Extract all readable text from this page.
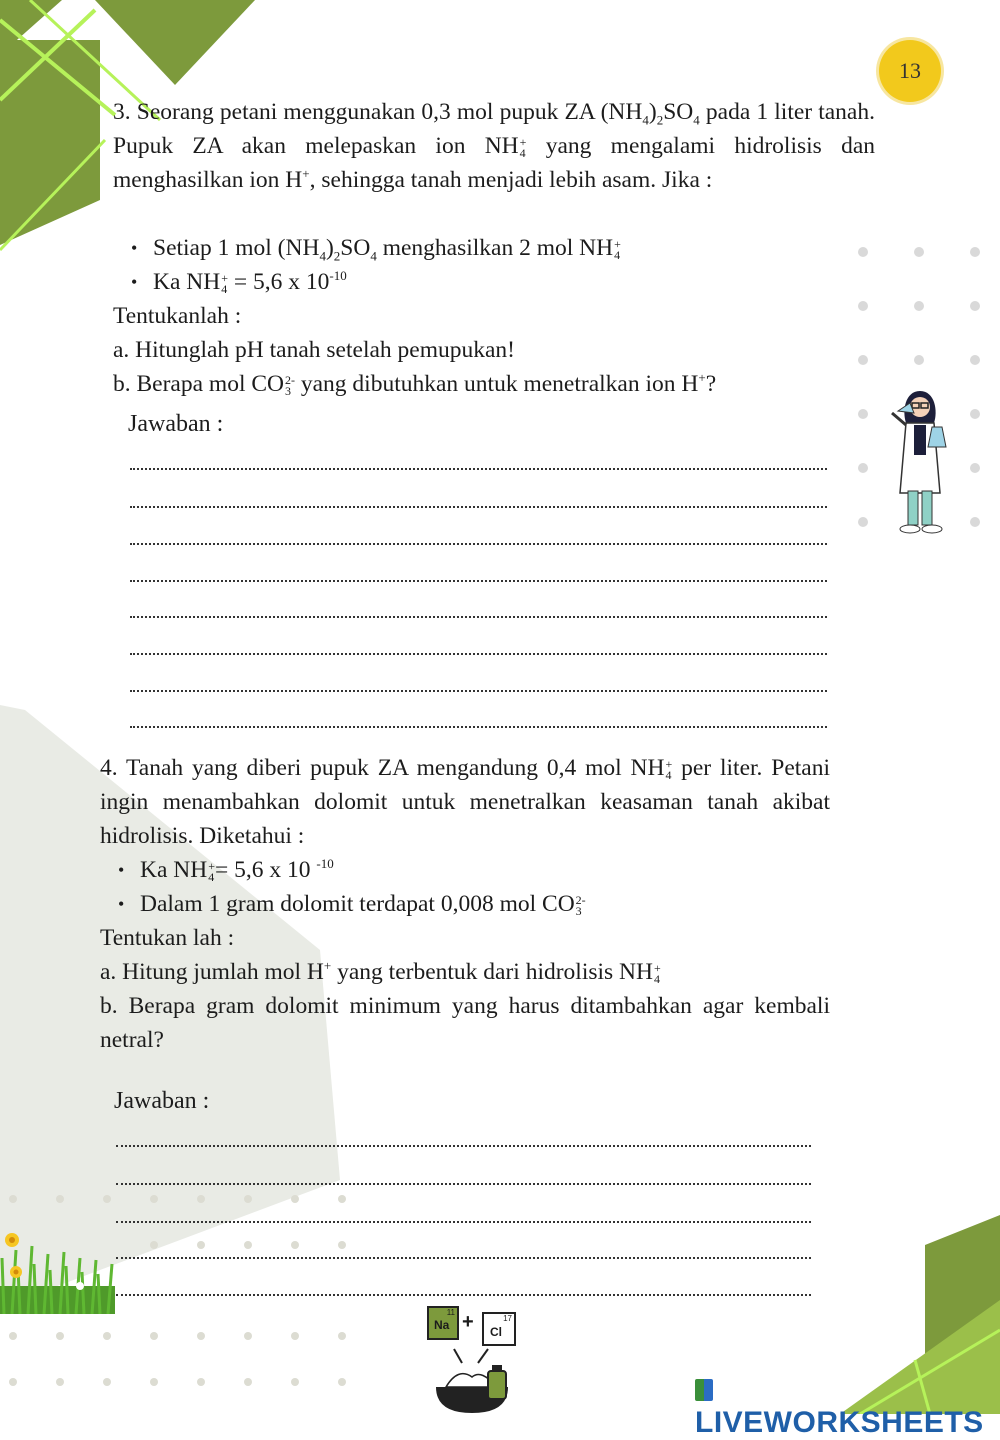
13
3. Seorang petani menggunakan 0,3 mol pupuk ZA $(NH_4)_2SO_4$ pada 1 liter tanah. Pupuk ZA akan melepaskan ion NH +
4 yang mengalami hidrolisis dan menghasilkan ion H+, sehingga tanah menjadi lebih asam. Jika :
• Setiap 1 mol $(NH_4)_2SO_4$ menghasilkan 2 mol NH +
4
• Ka NH +
4 = 5,6 x $10^{-10}$
Tentukanlah :
a. Hitunglah pH tanah setelah pemupukan!
b. Berapa mol CO 2-
3 yang dibutuhkan untuk menetralkan ion H+?
Jawaban :
4. Tanah yang diberi pupuk ZA mengandung 0,4 mol NH +
4 per liter. Petani ingin menambahkan dolomit untuk menetralkan keasaman tanah akibat hidrolisis. Diketahui :
• Ka NH +
4 = 5,6 x 10 $^{-10}$
• Dalam 1 gram dolomit terdapat 0,008 mol CO 2-
3
Tentukan lah :
a. Hitung jumlah mol H+ yang terbentuk dari hidrolisis NH +
4
b. Berapa gram dolomit minimum yang harus ditambahkan agar kembali netral?
Jawaban :
11
Na +	17
Cl
LIVEWORKSHEETS
